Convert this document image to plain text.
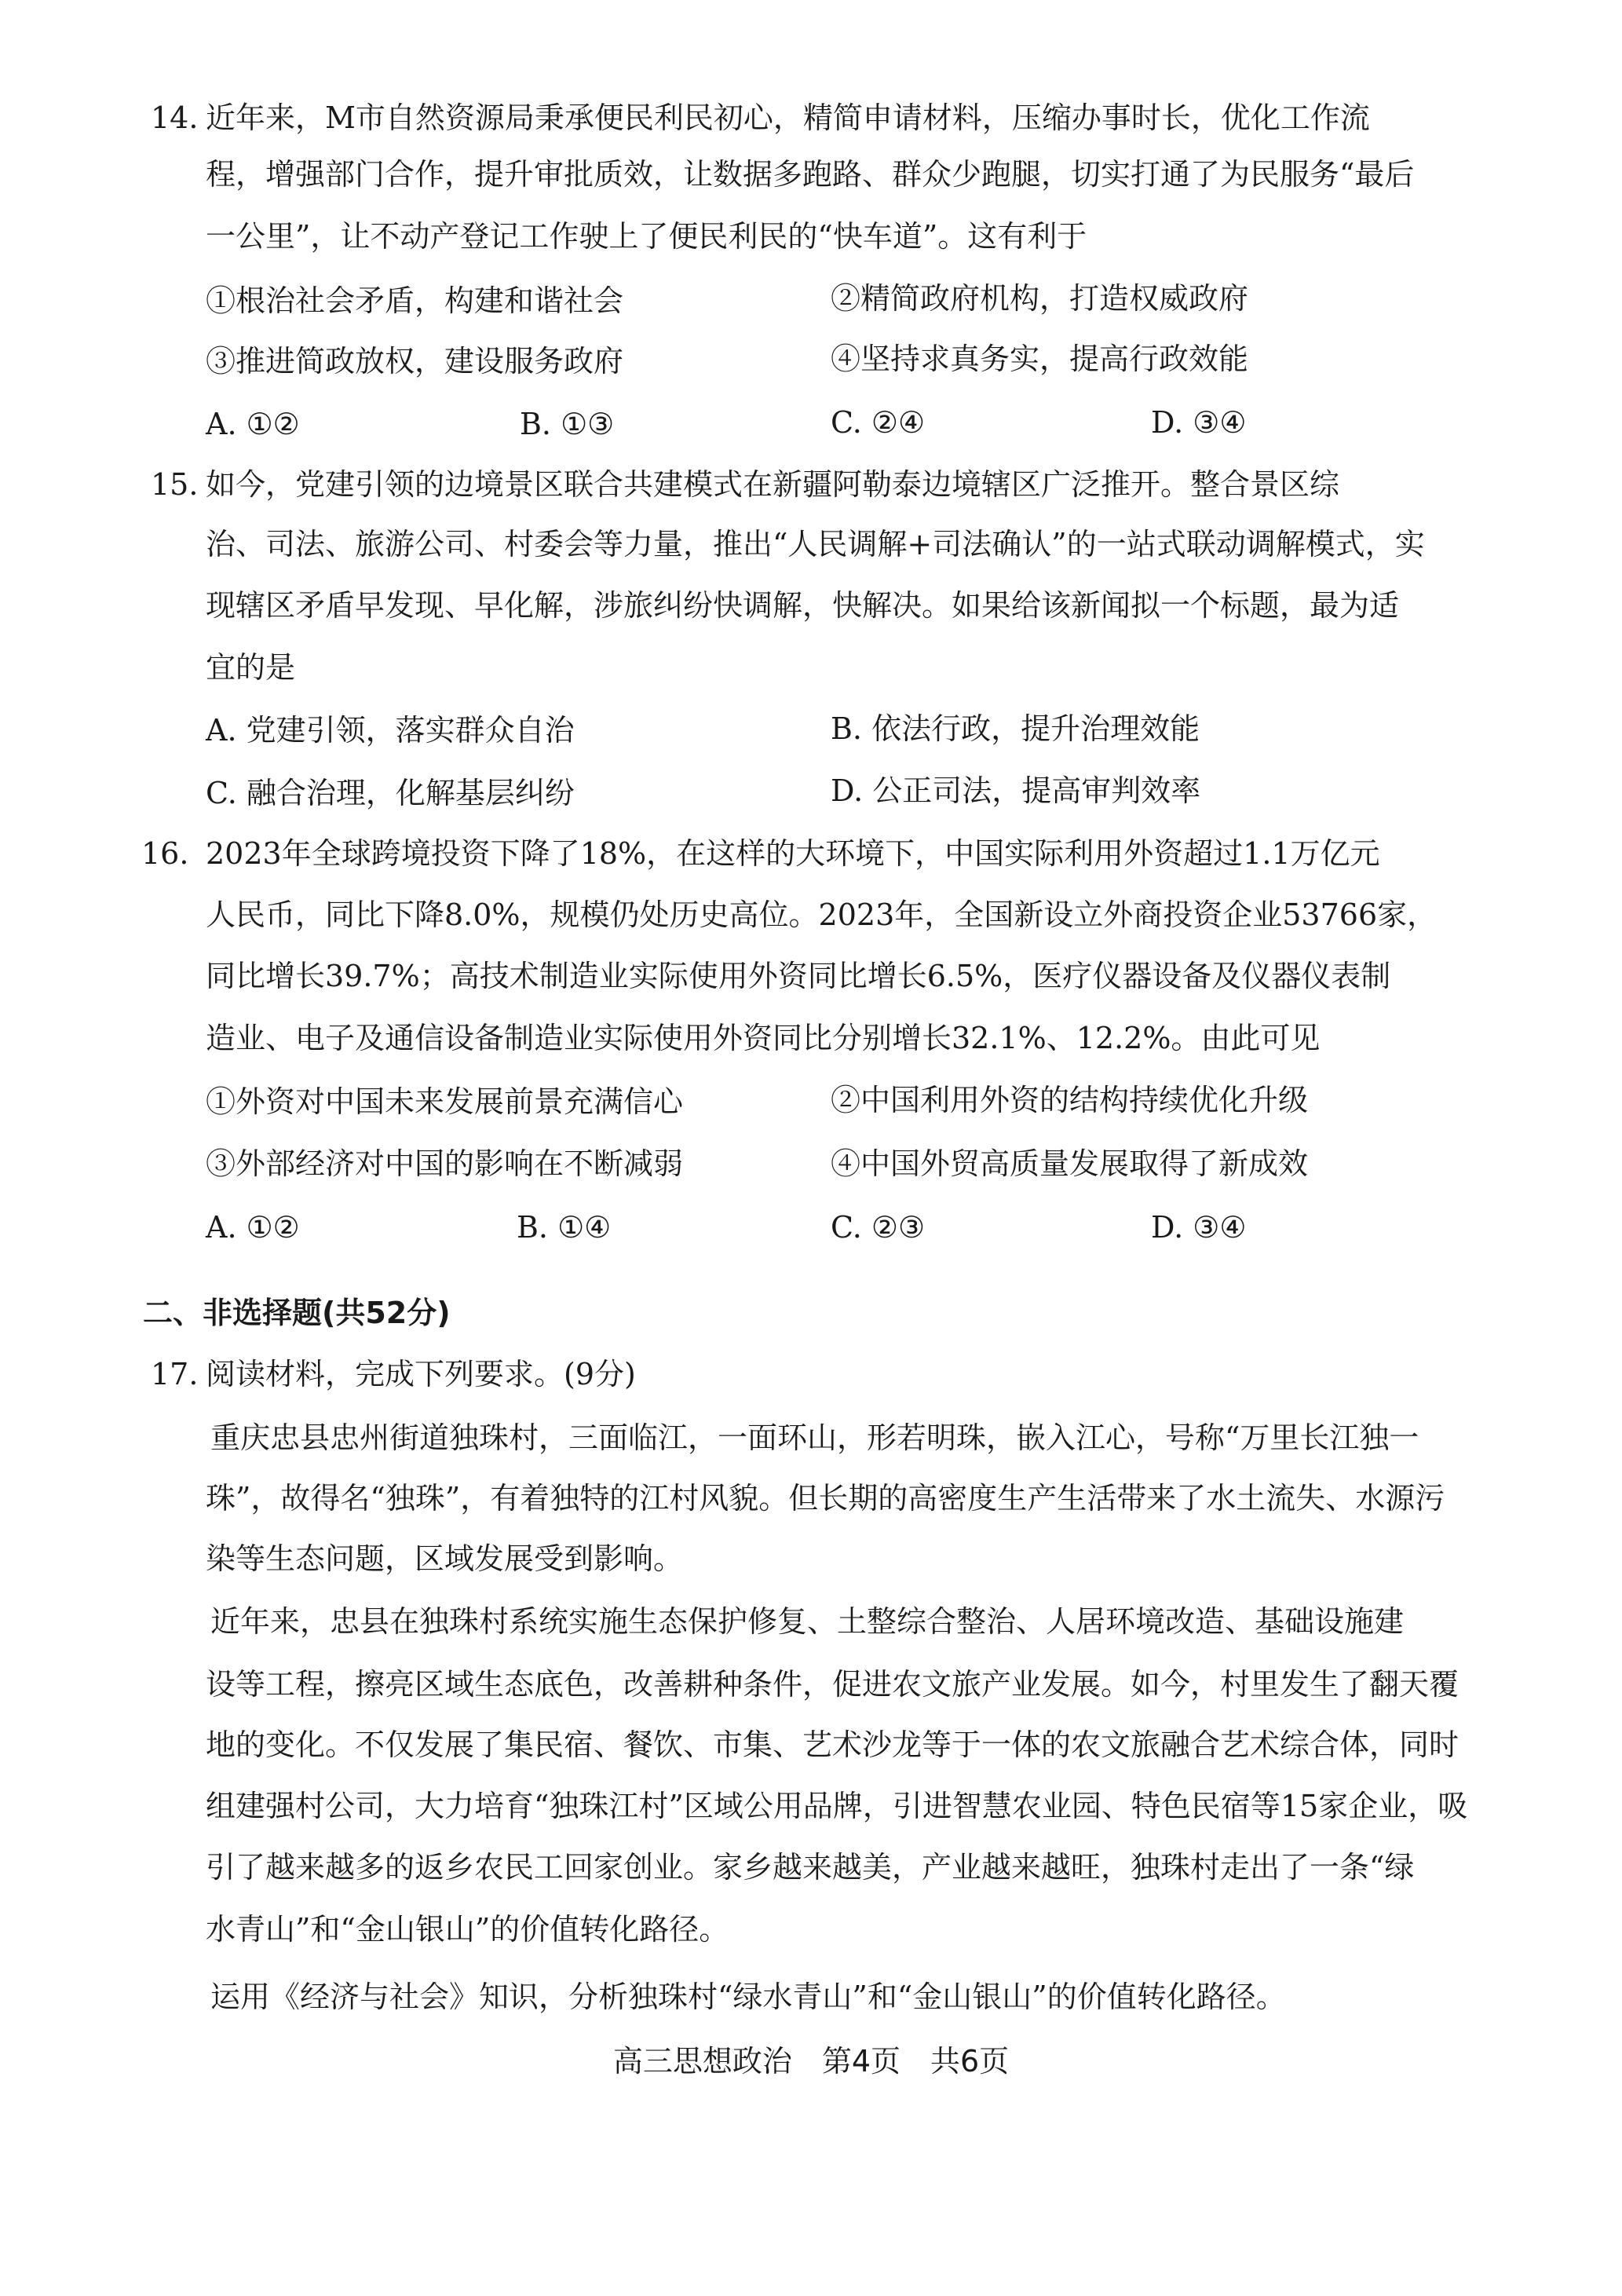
14. 近年来，M市自然资源局秉承便民利民初心，精简申请材料，压缩办事时长，优化工作流
程，增强部门合作，提升审批质效，让数据多跑路、群众少跑腿，切实打通了为民服务“最后
一公里”，让不动产登记工作驶上了便民利民的“快车道”。这有利于
①根治社会矛盾，构建和谐社会	②精简政府机构，打造权威政府
③推进简政放权，建设服务政府	④坚持求真务实，提高行政效能
A. ①②	B. ①③	C. ②④	D. ③④
15. 如今，党建引领的边境景区联合共建模式在新疆阿勒泰边境辖区广泛推开。整合景区综
治、司法、旅游公司、村委会等力量，推出“人民调解+司法确认”的一站式联动调解模式，实
现辖区矛盾早发现、早化解，涉旅纠纷快调解，快解决。如果给该新闻拟一个标题，最为适
宜的是
A. 党建引领，落实群众自治	B. 依法行政，提升治理效能
C. 融合治理，化解基层纠纷	D. 公正司法，提高审判效率
16. 2023年全球跨境投资下降了18%，在这样的大环境下，中国实际利用外资超过1.1万亿元
人民币，同比下降8.0%，规模仍处历史高位。2023年，全国新设立外商投资企业53766家，
同比增长39.7%；高技术制造业实际使用外资同比增长6.5%，医疗仪器设备及仪器仪表制
造业、电子及通信设备制造业实际使用外资同比分别增长32.1%、12.2%。由此可见
①外资对中国未来发展前景充满信心	②中国利用外资的结构持续优化升级
③外部经济对中国的影响在不断减弱	④中国外贸高质量发展取得了新成效
A. ①②	B. ①④	C. ②③	D. ③④
二、非选择题(共52分)
17. 阅读材料，完成下列要求。(9分)
重庆忠县忠州街道独珠村，三面临江，一面环山，形若明珠，嵌入江心，号称“万里长江独一
珠”，故得名“独珠”，有着独特的江村风貌。但长期的高密度生产生活带来了水土流失、水源污
染等生态问题，区域发展受到影响。
近年来，忠县在独珠村系统实施生态保护修复、土整综合整治、人居环境改造、基础设施建
设等工程，擦亮区域生态底色，改善耕种条件，促进农文旅产业发展。如今，村里发生了翻天覆
地的变化。不仅发展了集民宿、餐饮、市集、艺术沙龙等于一体的农文旅融合艺术综合体，同时
组建强村公司，大力培育“独珠江村”区域公用品牌，引进智慧农业园、特色民宿等15家企业，吸
引了越来越多的返乡农民工回家创业。家乡越来越美，产业越来越旺，独珠村走出了一条“绿
水青山”和“金山银山”的价值转化路径。
运用《经济与社会》知识，分析独珠村“绿水青山”和“金山银山”的价值转化路径。
高三思想政治　第4页　共6页
